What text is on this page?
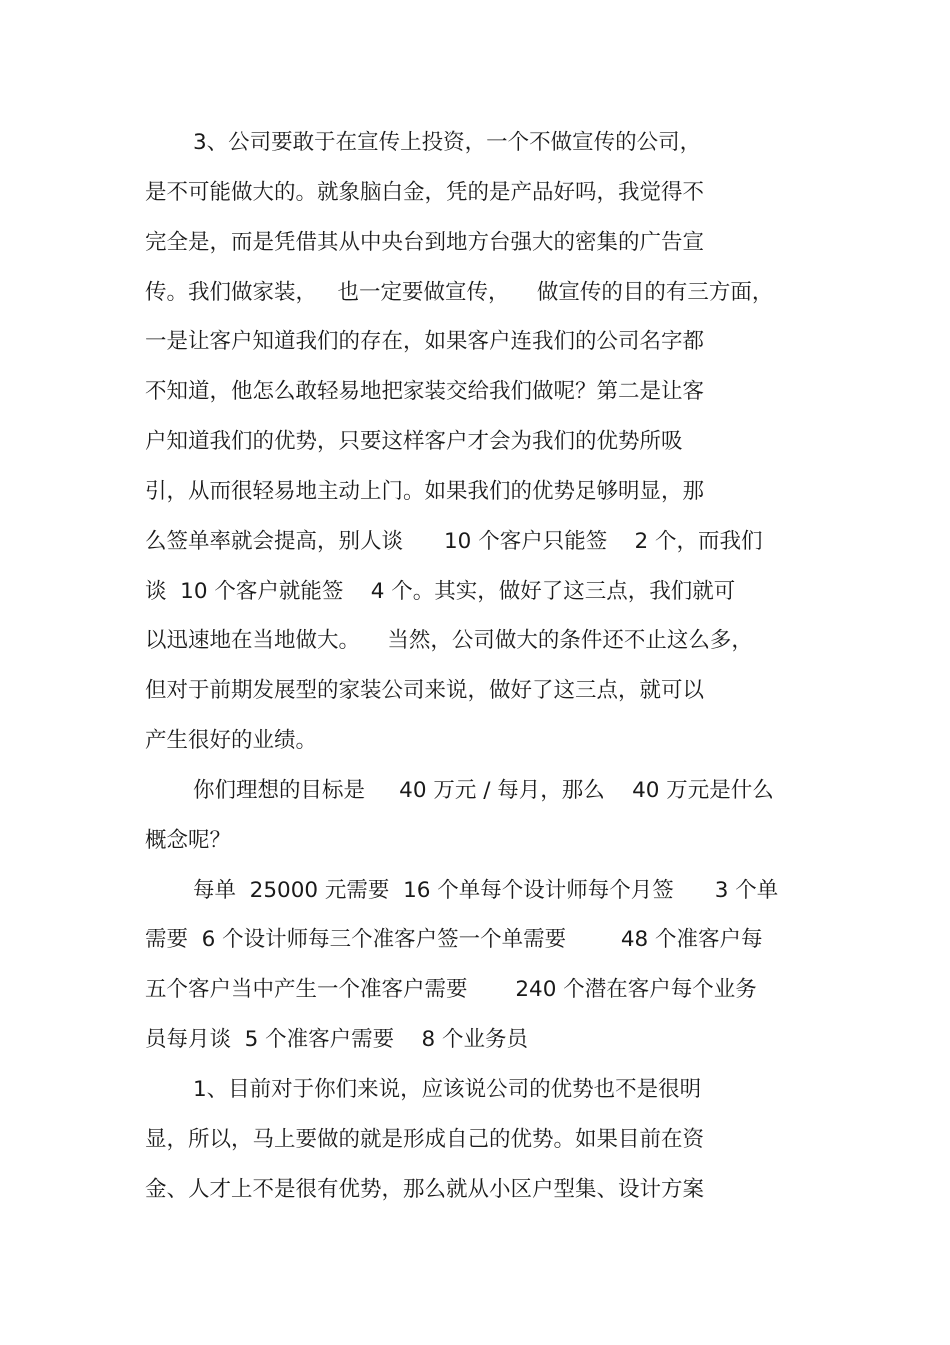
3、公司要敢于在宣传上投资，一个不做宣传的公司，
是不可能做大的。就象脑白金，凭的是产品好吗，我觉得不
完全是，而是凭借其从中央台到地方台强大的密集的广告宣
传。我们做家装，   也一定要做宣传，    做宣传的目的有三方面，
一是让客户知道我们的存在，如果客户连我们的公司名字都
不知道，他怎么敢轻易地把家装交给我们做呢？第二是让客
户知道我们的优势，只要这样客户才会为我们的优势所吸
引，从而很轻易地主动上门。如果我们的优势足够明显，那
么签单率就会提高，别人谈      10 个客户只能签    2 个，而我们
谈  10 个客户就能签    4 个。其实，做好了这三点，我们就可
以迅速地在当地做大。    当然，公司做大的条件还不止这么多，
但对于前期发展型的家装公司来说，做好了这三点，就可以
产生很好的业绩。
你们理想的目标是     40 万元 / 每月，那么    40 万元是什么
概念呢？
每单  25000 元需要  16 个单每个设计师每个月签      3 个单
需要  6 个设计师每三个准客户签一个单需要        48 个准客户每
五个客户当中产生一个准客户需要       240 个潜在客户每个业务
员每月谈  5 个准客户需要    8 个业务员
1、目前对于你们来说，应该说公司的优势也不是很明
显，所以，马上要做的就是形成自己的优势。如果目前在资
金、人才上不是很有优势，那么就从小区户型集、设计方案
